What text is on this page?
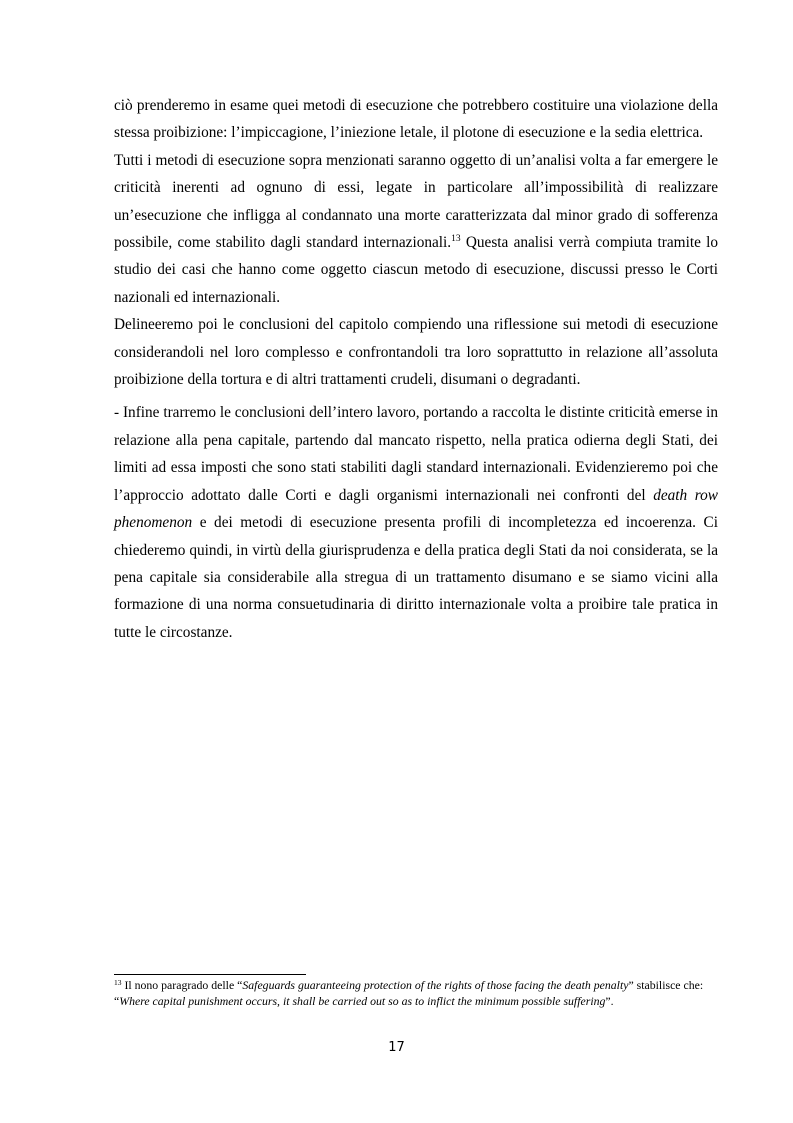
ciò prenderemo in esame quei metodi di esecuzione che potrebbero costituire una violazione della stessa proibizione: l’impiccagione, l’iniezione letale, il plotone di esecuzione e la sedia elettrica.

Tutti i metodi di esecuzione sopra menzionati saranno oggetto di un’analisi volta a far emergere le criticità inerenti ad ognuno di essi, legate in particolare all’impossibilità di realizzare un’esecuzione che infligga al condannato una morte caratterizzata dal minor grado di sofferenza possibile, come stabilito dagli standard internazionali.$^{13}$ Questa analisi verrà compiuta tramite lo studio dei casi che hanno come oggetto ciascun metodo di esecuzione, discussi presso le Corti nazionali ed internazionali.

Delineeremo poi le conclusioni del capitolo compiendo una riflessione sui metodi di esecuzione considerandoli nel loro complesso e confrontandoli tra loro soprattutto in relazione all’assoluta proibizione della tortura e di altri trattamenti crudeli, disumani o degradanti.

- Infine trarremo le conclusioni dell’intero lavoro, portando a raccolta le distinte criticità emerse in relazione alla pena capitale, partendo dal mancato rispetto, nella pratica odierna degli Stati, dei limiti ad essa imposti che sono stati stabiliti dagli standard internazionali. Evidenzieremo poi che l’approccio adottato dalle Corti e dagli organismi internazionali nei confronti del death row phenomenon e dei metodi di esecuzione presenta profili di incompletezza ed incoerenza. Ci chiederemo quindi, in virtù della giurisprudenza e della pratica degli Stati da noi considerata, se la pena capitale sia considerabile alla stregua di un trattamento disumano e se siamo vicini alla formazione di una norma consuetudinaria di diritto internazionale volta a proibire tale pratica in tutte le circostanze.

$^{13}$ Il nono paragrado delle “Safeguards guaranteeing protection of the rights of those facing the death penalty” stabilisce che: “Where capital punishment occurs, it shall be carried out so as to inflict the minimum possible suffering”.

17
